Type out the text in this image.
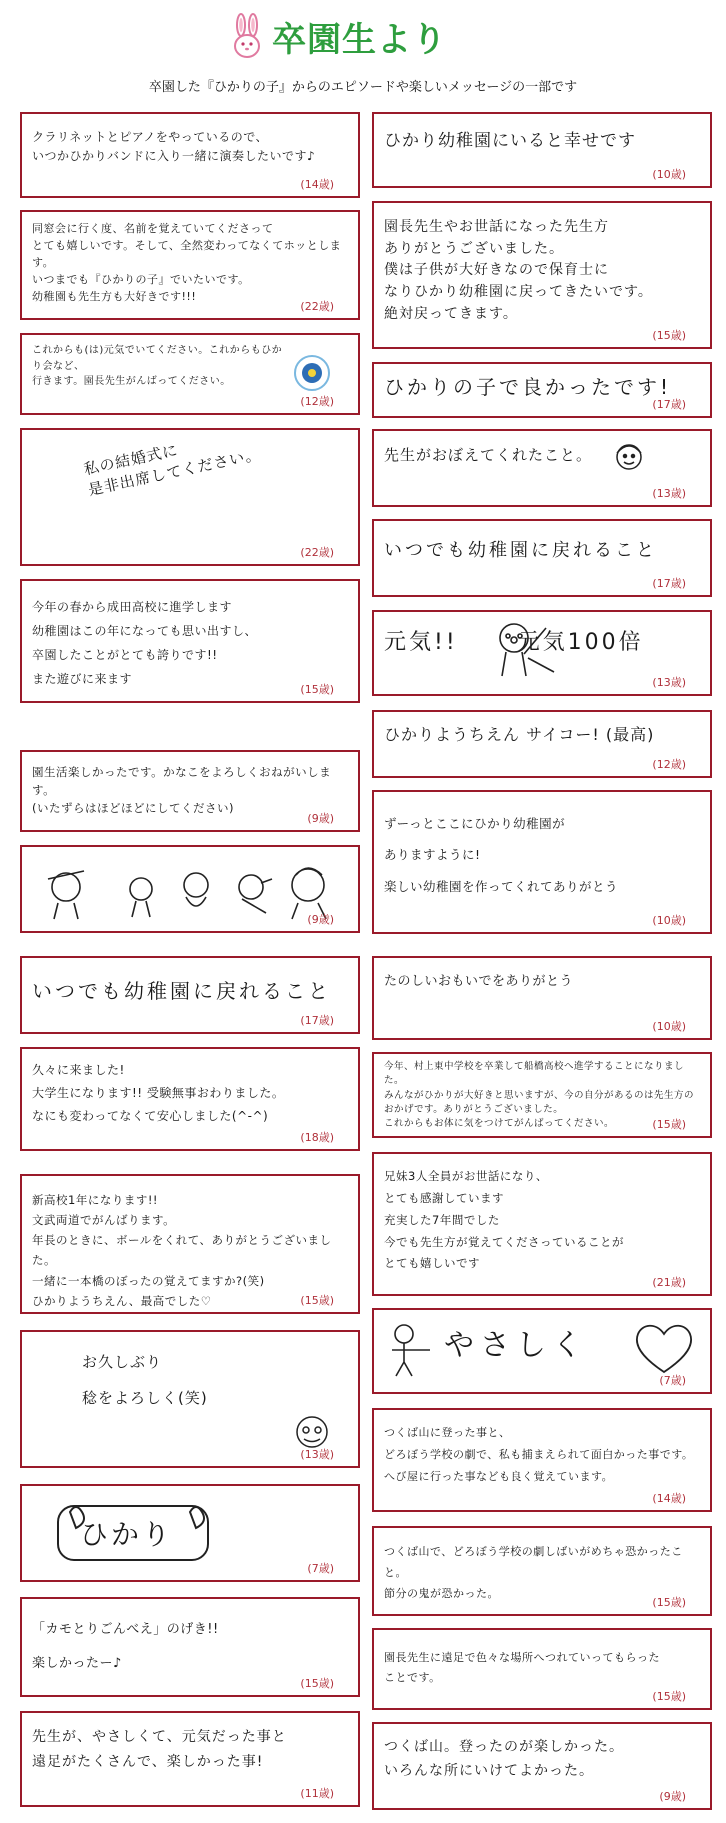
卒園生より
卒園した『ひかりの子』からのエピソードや楽しいメッセージの一部です
クラリネットとピアノをやっているので、
いつかひかりバンドに入り一緒に演奏したいです♪
(14歳)
同窓会に行く度、名前を覚えていてくださって
とても嬉しいです。そして、全然変わってなくてホッとします。
いつまでも『ひかりの子』でいたいです。
幼稚園も先生方も大好きです!!!
(22歳)
これからも(は)元気でいてください。これからもひかり会など、
行きます。園長先生がんばってください。
(12歳)
私の結婚式に
是非出席してください。
(22歳)
今年の春から成田高校に進学します
幼稚園はこの年になっても思い出すし、
卒園したことがとても誇りです!!
また遊びに来ます
(15歳)
園生活楽しかったです。かなこをよろしくおねがいします。
(いたずらはほどほどにしてください)
(9歳)
(9歳)
いつでも幼稚園に戻れること
(17歳)
久々に来ました!
大学生になります!! 受験無事おわりました。
なにも変わってなくて安心しました(^-^)
(18歳)
新高校1年になります!!
文武両道でがんばります。
年長のときに、ボールをくれて、ありがとうございました。
一緒に一本橋のぼったの覚えてますか?(笑)
ひかりようちえん、最高でした♡	(15歳)
お久しぶり
稔をよろしく(笑)
(13歳)
ひかり
(7歳)
「カモとりごんべえ」のげき!!
楽しかったー♪
(15歳)
先生が、やさしくて、元気だった事と
遠足がたくさんで、楽しかった事!
(11歳)
ひかり幼稚園にいると幸せです
(10歳)
園長先生やお世話になった先生方
ありがとうございました。
僕は子供が大好きなので保育士に
なりひかり幼稚園に戻ってきたいです。
絶対戻ってきます。
(15歳)
ひかりの子で良かったです!
(17歳)
先生がおぼえてくれたこと。
(13歳)
いつでも幼稚園に戻れること
(17歳)
元気!!      元気100倍
(13歳)
ひかりようちえん サイコー! (最高)
(12歳)
ずーっとここにひかり幼稚園が
ありますように!
楽しい幼稚園を作ってくれてありがとう
(10歳)
たのしいおもいでをありがとう
(10歳)
今年、村上東中学校を卒業して船橋高校へ進学することになりました。
みんながひかりが大好きと思いますが、今の自分があるのは先生方のおかげです。ありがとうございました。
これからもお体に気をつけてがんばってください。	(15歳)
兄妹3人全員がお世話になり、
とても感謝しています
充実した7年間でした
今でも先生方が覚えてくださっていることが
とても嬉しいです
(21歳)
やさしく
(7歳)
つくば山に登った事と、
どろぼう学校の劇で、私も捕まえられて面白かった事です。
へび屋に行った事なども良く覚えています。
(14歳)
つくば山で、どろぼう学校の劇しばいがめちゃ恐かったこと。
節分の鬼が恐かった。
(15歳)
園長先生に遠足で色々な場所へつれていってもらったことです。
(15歳)
つくば山。登ったのが楽しかった。
いろんな所にいけてよかった。
(9歳)
